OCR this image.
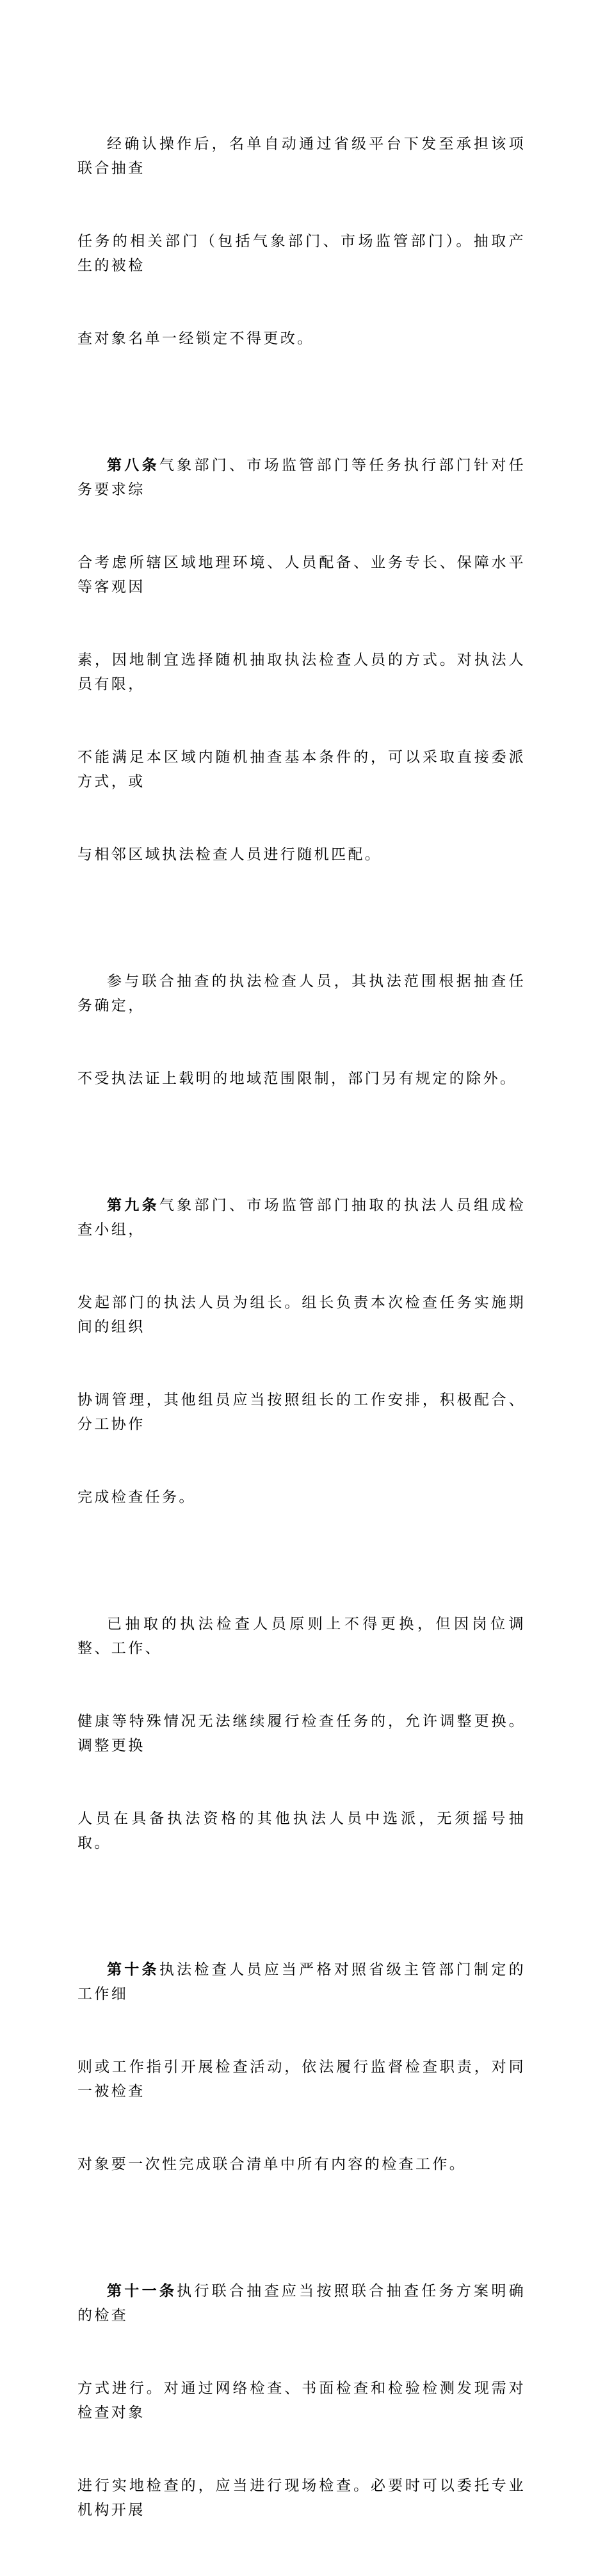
经确认操作后，名单自动通过省级平台下发至承担该项联合抽查

任务的相关部门（包括气象部门、市场监管部门）。抽取产生的被检

查对象名单一经锁定不得更改。

第八条气象部门、市场监管部门等任务执行部门针对任务要求综

合考虑所辖区域地理环境、人员配备、业务专长、保障水平等客观因

素，因地制宜选择随机抽取执法检查人员的方式。对执法人员有限，

不能满足本区域内随机抽查基本条件的，可以采取直接委派方式，或

与相邻区域执法检查人员进行随机匹配。

参与联合抽查的执法检查人员，其执法范围根据抽查任务确定，

不受执法证上载明的地域范围限制，部门另有规定的除外。

第九条气象部门、市场监管部门抽取的执法人员组成检查小组，

发起部门的执法人员为组长。组长负责本次检查任务实施期间的组织

协调管理，其他组员应当按照组长的工作安排，积极配合、分工协作

完成检查任务。

已抽取的执法检查人员原则上不得更换，但因岗位调整、工作、

健康等特殊情况无法继续履行检查任务的，允许调整更换。调整更换

人员在具备执法资格的其他执法人员中选派，无须摇号抽取。

第十条执法检查人员应当严格对照省级主管部门制定的工作细

则或工作指引开展检查活动，依法履行监督检查职责，对同一被检查

对象要一次性完成联合清单中所有内容的检查工作。

第十一条执行联合抽查应当按照联合抽查任务方案明确的检查

方式进行。对通过网络检查、书面检查和检验检测发现需对检查对象

进行实地检查的，应当进行现场检查。必要时可以委托专业机构开展
